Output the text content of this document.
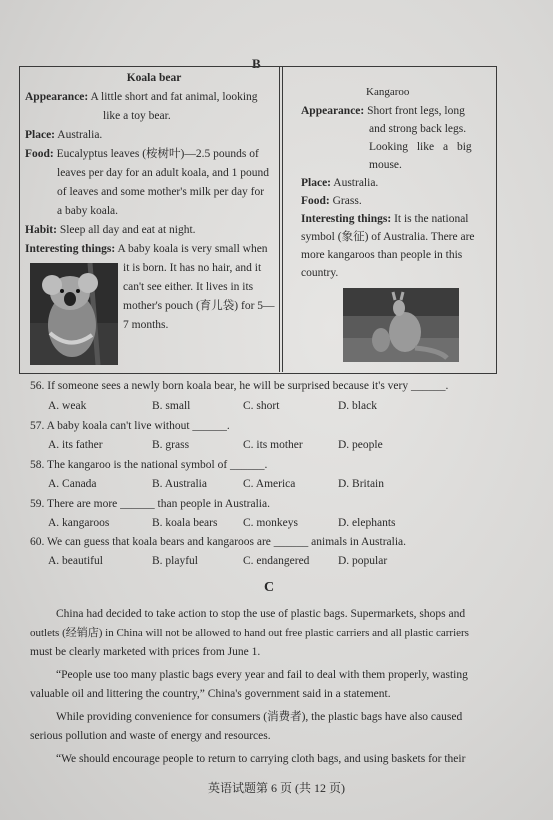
B
Koala bear
Appearance: A little short and fat animal, looking
like a toy bear.
Place: Australia.
Food: Eucalyptus leaves (桉树叶)—2.5 pounds of
leaves per day for an adult koala, and 1 pound
of leaves and some mother's milk per day for
a baby koala.
Habit: Sleep all day and eat at night.
Interesting things: A baby koala is very small when
it is born. It has no hair, and it
can't see either. It lives in its
mother's pouch (育儿袋) for 5—
7 months.
Kangaroo
Appearance: Short front legs, long
and strong back legs.
Looking like a big
mouse.
Place: Australia.
Food: Grass.
Interesting things: It is the national
symbol (象征) of Australia. There are
more kangaroos than people in this
country.
56. If someone sees a newly born koala bear, he will be surprised because it's very ______.
A. weak	B. small	C. short	D. black
57. A baby koala can't live without ______.
A. its father	B. grass	C. its mother	D. people
58. The kangaroo is the national symbol of ______.
A. Canada	B. Australia	C. America	D. Britain
59. There are more ______ than people in Australia.
A. kangaroos	B. koala bears C. monkeys	D. elephants
60. We can guess that koala bears and kangaroos are ______ animals in Australia.
A. beautiful	B. playful	C. endangered D. popular
C
China had decided to take action to stop the use of plastic bags. Supermarkets, shops and
outlets (经销店) in China will not be allowed to hand out free plastic carriers and all plastic carriers
must be clearly marketed with prices from June 1.
“People use too many plastic bags every year and fail to deal with them properly, wasting
valuable oil and littering the country,” China's government said in a statement.
While providing convenience for consumers (消费者), the plastic bags have also caused
serious pollution and waste of energy and resources.
“We should encourage people to return to carrying cloth bags, and using baskets for their
英语试题第 6 页 (共 12 页)
